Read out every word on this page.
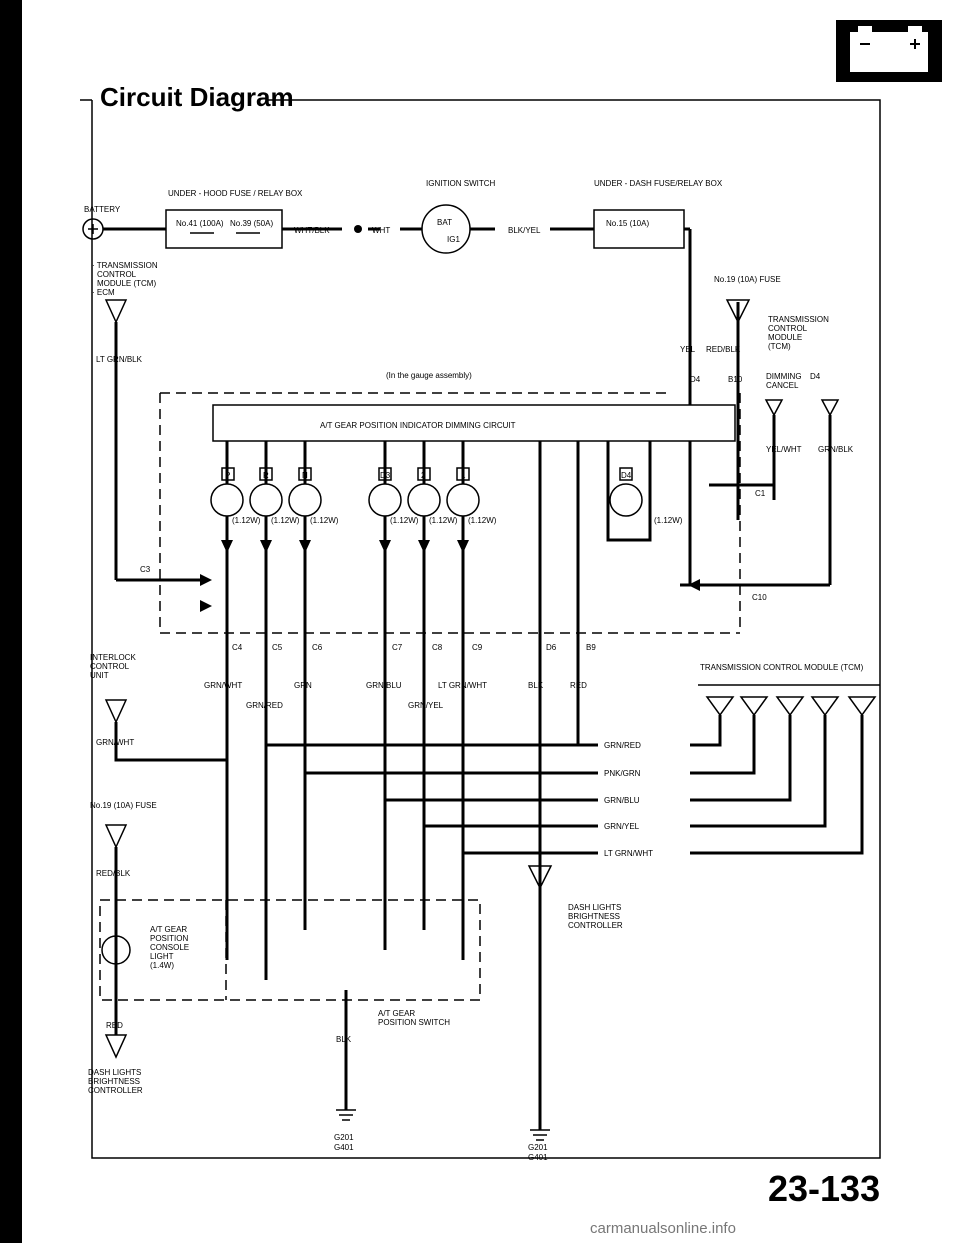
Circuit Diagram
23-133
carmanualsonline.info
BATTERY
UNDER - HOOD FUSE / RELAY BOX
No.41 (100A) No.39 (50A)
WHT/BLK	WHT
IGNITION SWITCH
BAT
IG1
BLK/YEL
UNDER - DASH FUSE/RELAY BOX
No.15 (10A)
No.19 (10A) FUSE
· TRANSMISSION
CONTROL
MODULE (TCM)
· ECM
LT GRN/BLK
(In the gauge assembly)
A/T GEAR POSITION INDICATOR DIMMING CIRCUIT
YEL RED/BLK
TRANSMISSION
CONTROL
MODULE
(TCM)
D4	B10	DIMMING
CANCEL
YEL/WHT GRN/BLK
C1
C3
C10
C4	C5	C6	C7	C8	C9	D6	B9
(1.12W) (1.12W) (1.12W)	(1.12W) (1.12W) (1.12W)	(1.12W)
INTERLOCK
CONTROL
UNIT
GRN/WHT	GRN
GRN/RED
GRN/BLU	LT GRN/WHT
GRN/YEL
BLK	RED
TRANSMISSION CONTROL MODULE (TCM)
GRN/RED
PNK/GRN
GRN/BLU
GRN/YEL
LT GRN/WHT
GRN/WHT
No.19 (10A) FUSE
RED/BLK
A/T GEAR
POSITION
CONSOLE
LIGHT
(1.4W)
RED
DASH LIGHTS
BRIGHTNESS
CONTROLLER
DASH LIGHTS
BRIGHTNESS
CONTROLLER
A/T GEAR
POSITION SWITCH
BLK
G201
G401	G201
G401
P	R	N	D3	2	1	D4
D4
